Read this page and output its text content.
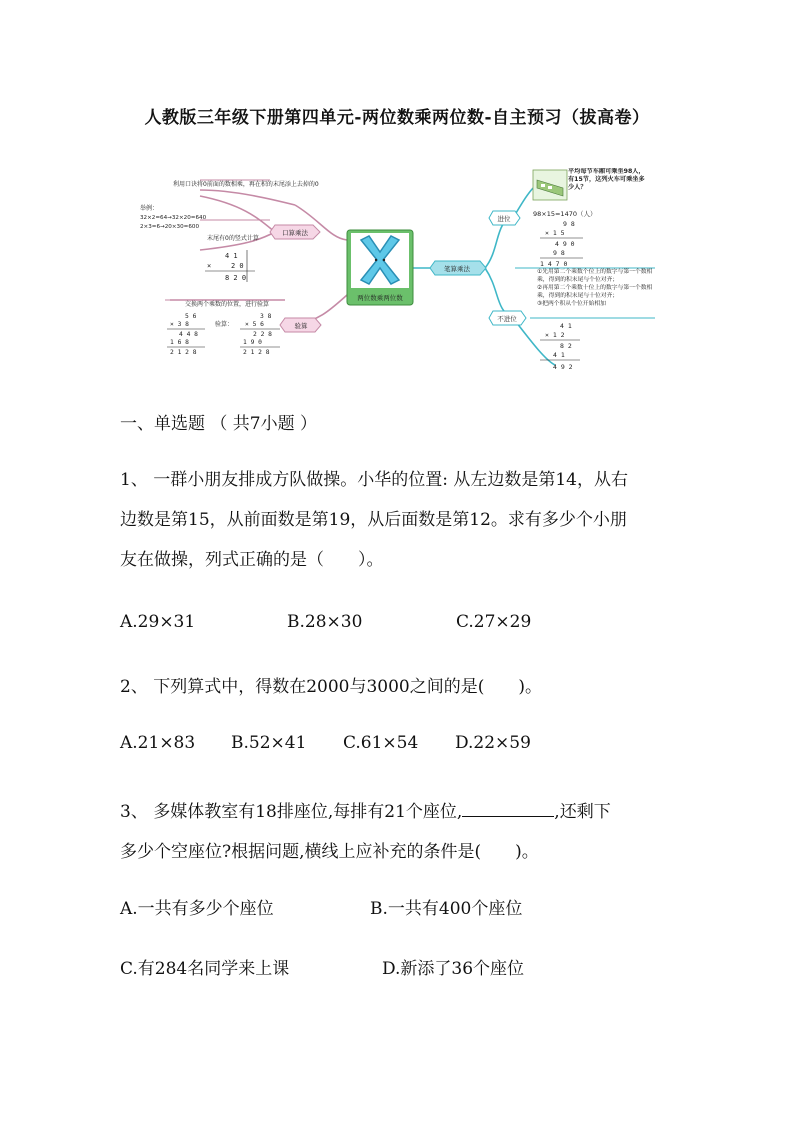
人教版三年级下册第四单元-两位数乘两位数-自主预习（拔高卷）
两位数乘两位数
口算乘法
验算
笔算乘法
进位
不进位
利用口诀将0前面的数相乘，再在积的末尾添上去掉的0
举例：
32×2=64→32×20=640
2×3=6→20×30=600
末尾有0的竖式计算
4 1
×	2 0
8 2 0
交换两个乘数的位置，进行验算
5 6
× 3 8
4 4 8
1 6 8
2 1 2 8
3 8
× 5 6
2 2 8
1 9 0
2 1 2 8
验算：
平均每节车厢可乘坐98人，有15节，这列火车可乘坐多少人？
98×15=1470（人）
9 8
× 1 5
4 9 0
9 8
1 4 7 0
①先用第二个乘数个位上的数字与第一个数相乘，得到的积末尾与个位对齐；
②再用第二个乘数十位上的数字与第一个数相乘，得到的积末尾与十位对齐；
③把两个积从个位开始相加
4 1
× 1 2
8 2
4 1
4 9 2
一、单选题 （ 共7小题 ）
1、 一群小朋友排成方队做操。小华的位置: 从左边数是第14，从右
边数是第15，从前面数是第19，从后面数是第12。求有多少个小朋
友在做操，列式正确的是（　　）。
A.29×31	B.28×30	C.27×29
2、 下列算式中，得数在2000与3000之间的是(　　)。
A.21×83 B.52×41 C.61×54 D.22×59
3、 多媒体教室有18排座位,每排有21个座位,	,还剩下
多少个空座位?根据问题,横线上应补充的条件是(　　)。
A.一共有多少个座位	B.一共有400个座位
C.有284名同学来上课	D.新添了36个座位
